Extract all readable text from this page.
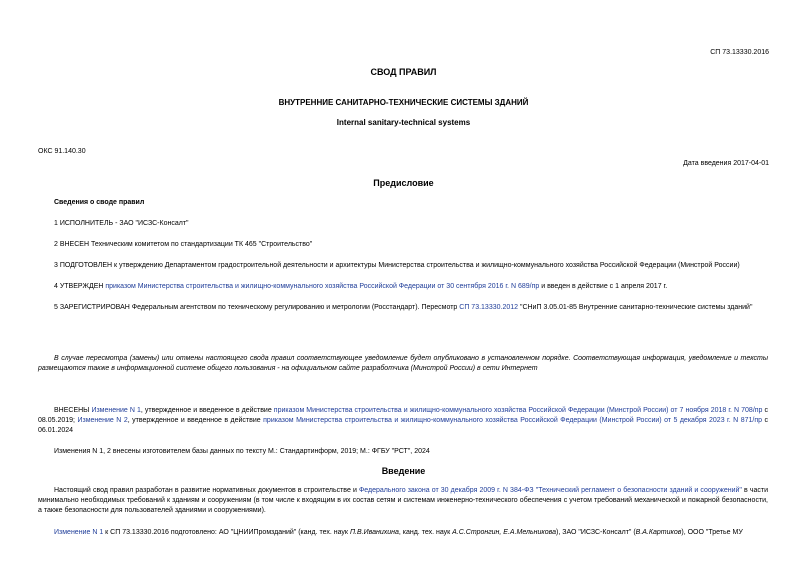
СП 73.13330.2016
СВОД ПРАВИЛ
ВНУТРЕННИЕ САНИТАРНО-ТЕХНИЧЕСКИЕ СИСТЕМЫ ЗДАНИЙ
Internal sanitary-technical systems
ОКС 91.140.30
Дата введения 2017-04-01
Предисловие
Сведения о своде правил
1 ИСПОЛНИТЕЛЬ - ЗАО "ИСЗС-Консалт"
2 ВНЕСЕН Техническим комитетом по стандартизации ТК 465 "Строительство"
3 ПОДГОТОВЛЕН к утверждению Департаментом градостроительной деятельности и архитектуры Министерства строительства и жилищно-коммунального хозяйства Российской Федерации (Минстрой России)
4 УТВЕРЖДЕН приказом Министерства строительства и жилищно-коммунального хозяйства Российской Федерации от 30 сентября 2016 г. N 689/пр и введен в действие с 1 апреля 2017 г.
5 ЗАРЕГИСТРИРОВАН Федеральным агентством по техническому регулированию и метрологии (Росстандарт). Пересмотр СП 73.13330.2012 "СНиП 3.05.01-85 Внутренние санитарно-технические системы зданий"
В случае пересмотра (замены) или отмены настоящего свода правил соответствующее уведомление будет опубликовано в установленном порядке. Соответствующая информация, уведомление и тексты размещаются также в информационной системе общего пользования - на официальном сайте разработчика (Минстрой России) в сети Интернет
ВНЕСЕНЫ Изменение N 1, утвержденное и введенное в действие приказом Министерства строительства и жилищно-коммунального хозяйства Российской Федерации (Минстрой России) от 7 ноября 2018 г. N 708/пр с 08.05.2019; Изменение N 2, утвержденное и введенное в действие приказом Министерства строительства и жилищно-коммунального хозяйства Российской Федерации (Минстрой России) от 5 декабря 2023 г. N 871/пр с 06.01.2024
Изменения N 1, 2 внесены изготовителем базы данных по тексту М.: Стандартинформ, 2019; М.: ФГБУ "РСТ", 2024
Введение
Настоящий свод правил разработан в развитие нормативных документов в строительстве и Федерального закона от 30 декабря 2009 г. N 384-ФЗ "Технический регламент о безопасности зданий и сооружений" в части минимально необходимых требований к зданиям и сооружениям (в том числе к входящим в их состав сетям и системам инженерно-технического обеспечения с учетом требований механической и пожарной безопасности, а также безопасности для пользователей зданиями и сооружениями).
Изменение N 1 к СП 73.13330.2016 подготовлено: АО "ЦНИИПромзданий" (канд. тех. наук П.В.Иванихина, канд. тех. наук А.С.Стронгин, Е.А.Мельникова), ЗАО "ИСЗС-Консалт" (В.А.Картиков), ООО "Третье МУ
